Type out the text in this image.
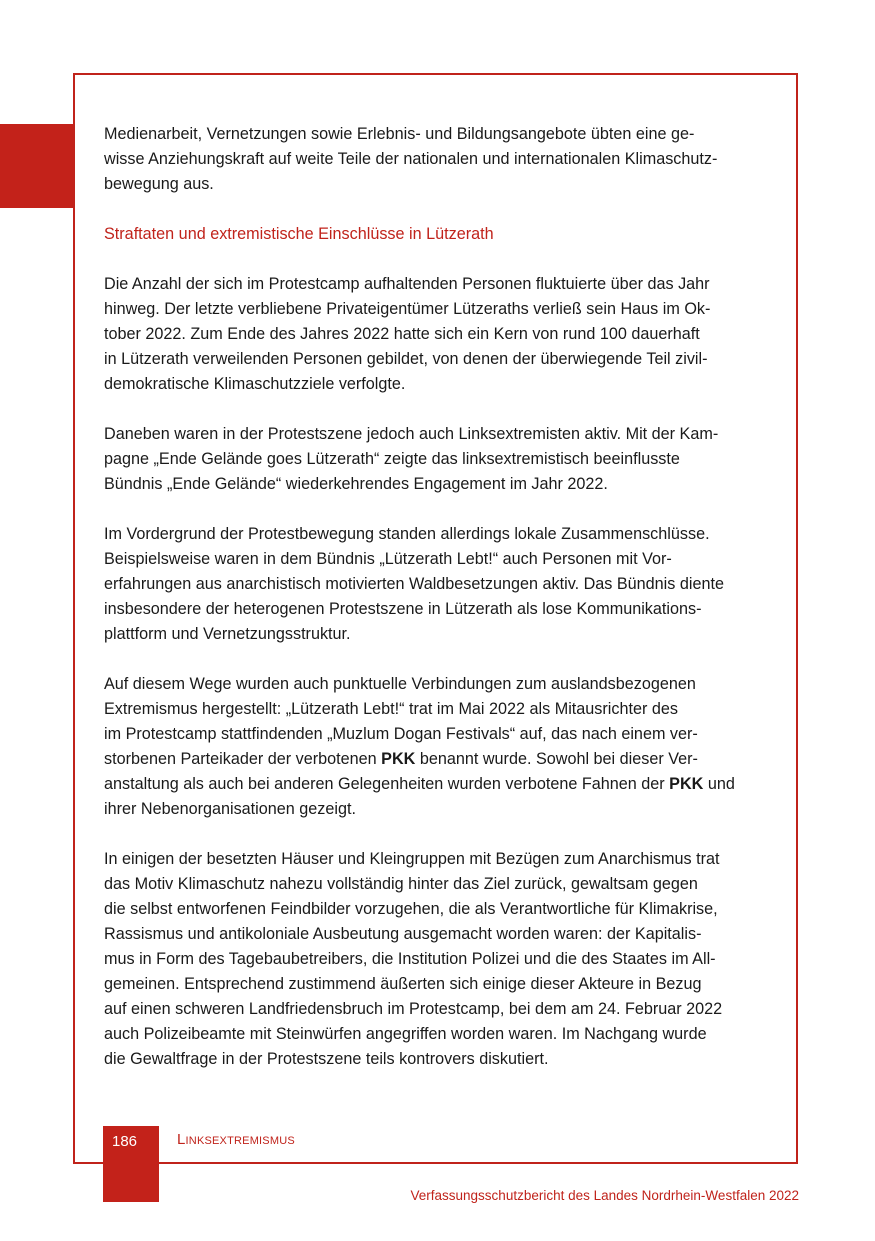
Medienarbeit, Vernetzungen sowie Erlebnis- und Bildungsangebote übten eine ge-
wisse Anziehungskraft auf weite Teile der nationalen und internationalen Klimaschutz-
bewegung aus.

Straftaten und extremistische Einschlüsse in Lützerath

Die Anzahl der sich im Protestcamp aufhaltenden Personen fluktuierte über das Jahr
hinweg. Der letzte verbliebene Privateigentümer Lützeraths verließ sein Haus im Ok-
tober 2022. Zum Ende des Jahres 2022 hatte sich ein Kern von rund 100 dauerhaft
in Lützerath verweilenden Personen gebildet, von denen der überwiegende Teil zivil-
demokratische Klimaschutzziele verfolgte.

Daneben waren in der Protestszene jedoch auch Linksextremisten aktiv. Mit der Kam-
pagne „Ende Gelände goes Lützerath“ zeigte das linksextremistisch beeinflusste
Bündnis „Ende Gelände“ wiederkehrendes Engagement im Jahr 2022.

Im Vordergrund der Protestbewegung standen allerdings lokale Zusammenschlüsse.
Beispielsweise waren in dem Bündnis „Lützerath Lebt!“ auch Personen mit Vor-
erfahrungen aus anarchistisch motivierten Waldbesetzungen aktiv. Das Bündnis diente
insbesondere der heterogenen Protestszene in Lützerath als lose Kommunikations-
plattform und Vernetzungsstruktur.

Auf diesem Wege wurden auch punktuelle Verbindungen zum auslandsbezogenen
Extremismus hergestellt: „Lützerath Lebt!“ trat im Mai 2022 als Mitausrichter des
im Protestcamp stattfindenden „Muzlum Dogan Festivals“ auf, das nach einem ver-
storbenen Parteikader der verbotenen PKK benannt wurde. Sowohl bei dieser Ver-
anstaltung als auch bei anderen Gelegenheiten wurden verbotene Fahnen der PKK und
ihrer Nebenorganisationen gezeigt.

In einigen der besetzten Häuser und Kleingruppen mit Bezügen zum Anarchismus trat
das Motiv Klimaschutz nahezu vollständig hinter das Ziel zurück, gewaltsam gegen
die selbst entworfenen Feindbilder vorzugehen, die als Verantwortliche für Klimakrise,
Rassismus und antikoloniale Ausbeutung ausgemacht worden waren: der Kapitalis-
mus in Form des Tagebaubetreibers, die Institution Polizei und die des Staates im All-
gemeinen. Entsprechend zustimmend äußerten sich einige dieser Akteure in Bezug
auf einen schweren Landfriedensbruch im Protestcamp, bei dem am 24. Februar 2022
auch Polizeibeamte mit Steinwürfen angegriffen worden waren. Im Nachgang wurde
die Gewaltfrage in der Protestszene teils kontrovers diskutiert.

186	Linksextremismus
Verfassungsschutzbericht des Landes Nordrhein-Westfalen 2022
